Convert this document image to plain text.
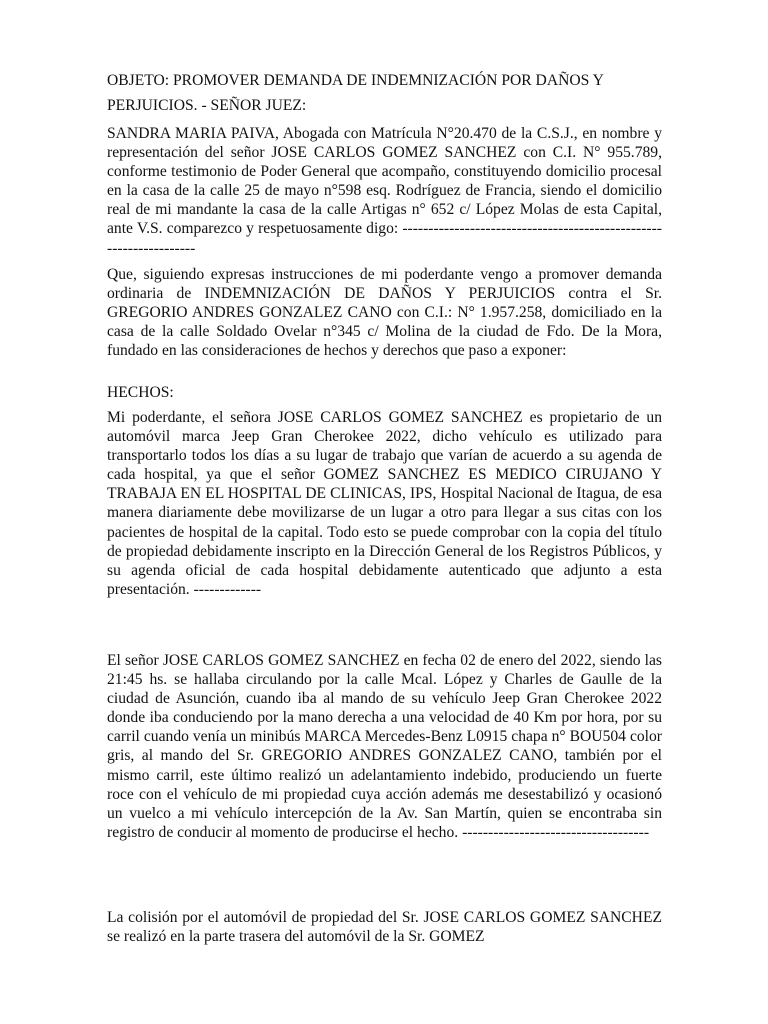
OBJETO: PROMOVER DEMANDA DE INDEMNIZACIÓN POR DAÑOS Y PERJUICIOS. - SEÑOR JUEZ:

SANDRA MARIA PAIVA, Abogada con Matrícula N°20.470 de la C.S.J., en nombre y representación del señor JOSE CARLOS GOMEZ SANCHEZ con C.I. N° 955.789, conforme testimonio de Poder General que acompaño, constituyendo domicilio procesal en la casa de la calle 25 de mayo n°598 esq. Rodríguez de Francia, siendo el domicilio real de mi mandante la casa de la calle Artigas n° 652 c/ López Molas de esta Capital, ante V.S. comparezco y respetuosamente digo: -------------------------------------------------------------------

Que, siguiendo expresas instrucciones de mi poderdante vengo a promover demanda ordinaria de INDEMNIZACIÓN DE DAÑOS Y PERJUICIOS contra el Sr. GREGORIO ANDRES GONZALEZ CANO con C.I.: N° 1.957.258, domiciliado en la casa de la calle Soldado Ovelar n°345 c/ Molina de la ciudad de Fdo. De la Mora, fundado en las consideraciones de hechos y derechos que paso a exponer:

HECHOS:

Mi poderdante, el señora JOSE CARLOS GOMEZ SANCHEZ es propietario de un automóvil marca Jeep Gran Cherokee 2022, dicho vehículo es utilizado para transportarlo todos los días a su lugar de trabajo que varían de acuerdo a su agenda de cada hospital, ya que el señor GOMEZ SANCHEZ ES MEDICO CIRUJANO Y TRABAJA EN EL HOSPITAL DE CLINICAS, IPS, Hospital Nacional de Itagua, de esa manera diariamente debe movilizarse de un lugar a otro para llegar a sus citas con los pacientes de hospital de la capital. Todo esto se puede comprobar con la copia del título de propiedad debidamente inscripto en la Dirección General de los Registros Públicos, y su agenda oficial de cada hospital debidamente autenticado que adjunto a esta presentación. -------------

El señor JOSE CARLOS GOMEZ SANCHEZ en fecha 02 de enero del 2022, siendo las 21:45 hs. se hallaba circulando por la calle Mcal. López y Charles de Gaulle de la ciudad de Asunción, cuando iba al mando de su vehículo Jeep Gran Cherokee 2022 donde iba conduciendo por la mano derecha a una velocidad de 40 Km por hora, por su carril cuando venía un minibús MARCA Mercedes-Benz L0915 chapa n° BOU504 color gris, al mando del Sr. GREGORIO ANDRES GONZALEZ CANO, también por el mismo carril, este último realizó un adelantamiento indebido, produciendo un fuerte roce con el vehículo de mi propiedad cuya acción además me desestabilizó y ocasionó un vuelco a mi vehículo intercepción de la Av. San Martín, quien se encontraba sin registro de conducir al momento de producirse el hecho. ------------------------------------

La colisión por el automóvil de propiedad del Sr. JOSE CARLOS GOMEZ SANCHEZ se realizó en la parte trasera del automóvil de la Sr. GOMEZ
